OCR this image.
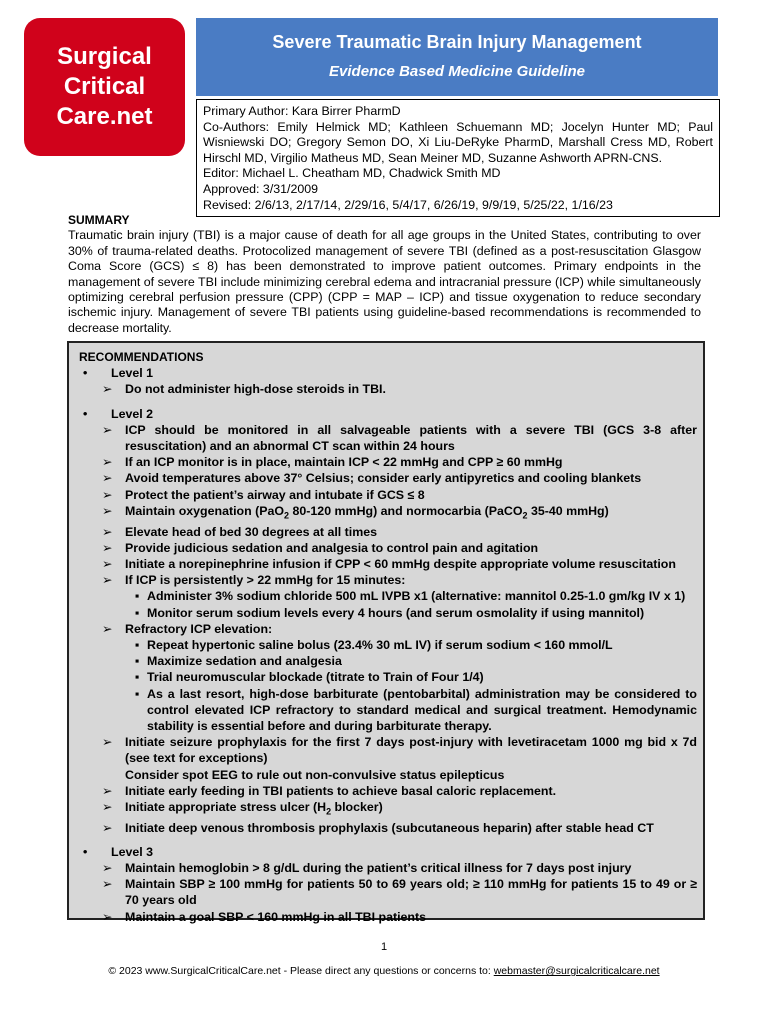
Surgical
Critical
Care.net
Severe Traumatic Brain Injury Management
Evidence Based Medicine Guideline
Primary Author: Kara Birrer PharmD
Co-Authors: Emily Helmick MD; Kathleen Schuemann MD; Jocelyn Hunter MD; Paul Wisniewski DO; Gregory Semon DO, Xi Liu-DeRyke PharmD, Marshall Cress MD, Robert Hirschl MD, Virgilio Matheus MD, Sean Meiner MD, Suzanne Ashworth APRN-CNS.
Editor: Michael L. Cheatham MD, Chadwick Smith MD
Approved: 3/31/2009
Revised: 2/6/13, 2/17/14, 2/29/16, 5/4/17, 6/26/19, 9/9/19, 5/25/22, 1/16/23
SUMMARY
Traumatic brain injury (TBI) is a major cause of death for all age groups in the United States, contributing to over 30% of trauma-related deaths. Protocolized management of severe TBI (defined as a post-resuscitation Glasgow Coma Score (GCS) ≤ 8) has been demonstrated to improve patient outcomes. Primary endpoints in the management of severe TBI include minimizing cerebral edema and intracranial pressure (ICP) while simultaneously optimizing cerebral perfusion pressure (CPP) (CPP = MAP – ICP) and tissue oxygenation to reduce secondary ischemic injury. Management of severe TBI patients using guideline-based recommendations is recommended to decrease mortality.
RECOMMENDATIONS
• Level 1
➢ Do not administer high-dose steroids in TBI.
• Level 2
➢ ICP should be monitored in all salvageable patients with a severe TBI (GCS 3-8 after resuscitation) and an abnormal CT scan within 24 hours
➢ If an ICP monitor is in place, maintain ICP < 22 mmHg and CPP ≥ 60 mmHg
➢ Avoid temperatures above 37° Celsius; consider early antipyretics and cooling blankets
➢ Protect the patient’s airway and intubate if GCS ≤ 8
➢ Maintain oxygenation (PaO$_2$ 80-120 mmHg) and normocarbia (PaCO$_2$ 35-40 mmHg)
➢ Elevate head of bed 30 degrees at all times
➢ Provide judicious sedation and analgesia to control pain and agitation
➢ Initiate a norepinephrine infusion if CPP < 60 mmHg despite appropriate volume resuscitation
➢ If ICP is persistently > 22 mmHg for 15 minutes:
▪ Administer 3% sodium chloride 500 mL IVPB x1 (alternative: mannitol 0.25-1.0 gm/kg IV x 1)
▪ Monitor serum sodium levels every 4 hours (and serum osmolality if using mannitol)
➢ Refractory ICP elevation:
▪ Repeat hypertonic saline bolus (23.4% 30 mL IV) if serum sodium < 160 mmol/L
▪ Maximize sedation and analgesia
▪ Trial neuromuscular blockade (titrate to Train of Four 1/4)
▪ As a last resort, high-dose barbiturate (pentobarbital) administration may be considered to control elevated ICP refractory to standard medical and surgical treatment. Hemodynamic stability is essential before and during barbiturate therapy.
➢ Initiate seizure prophylaxis for the first 7 days post-injury with levetiracetam 1000 mg bid x 7d (see text for exceptions)
Consider spot EEG to rule out non-convulsive status epilepticus
➢ Initiate early feeding in TBI patients to achieve basal caloric replacement.
➢ Initiate appropriate stress ulcer ($H_2$ blocker)
➢ Initiate deep venous thrombosis prophylaxis (subcutaneous heparin) after stable head CT
• Level 3
➢ Maintain hemoglobin > 8 g/dL during the patient’s critical illness for 7 days post injury
➢ Maintain SBP ≥ 100 mmHg for patients 50 to 69 years old; ≥ 110 mmHg for patients 15 to 49 or ≥ 70 years old
➢ Maintain a goal SBP < 160 mmHg in all TBI patients
1
© 2023 www.SurgicalCriticalCare.net - Please direct any questions or concerns to: webmaster@surgicalcriticalcare.net
